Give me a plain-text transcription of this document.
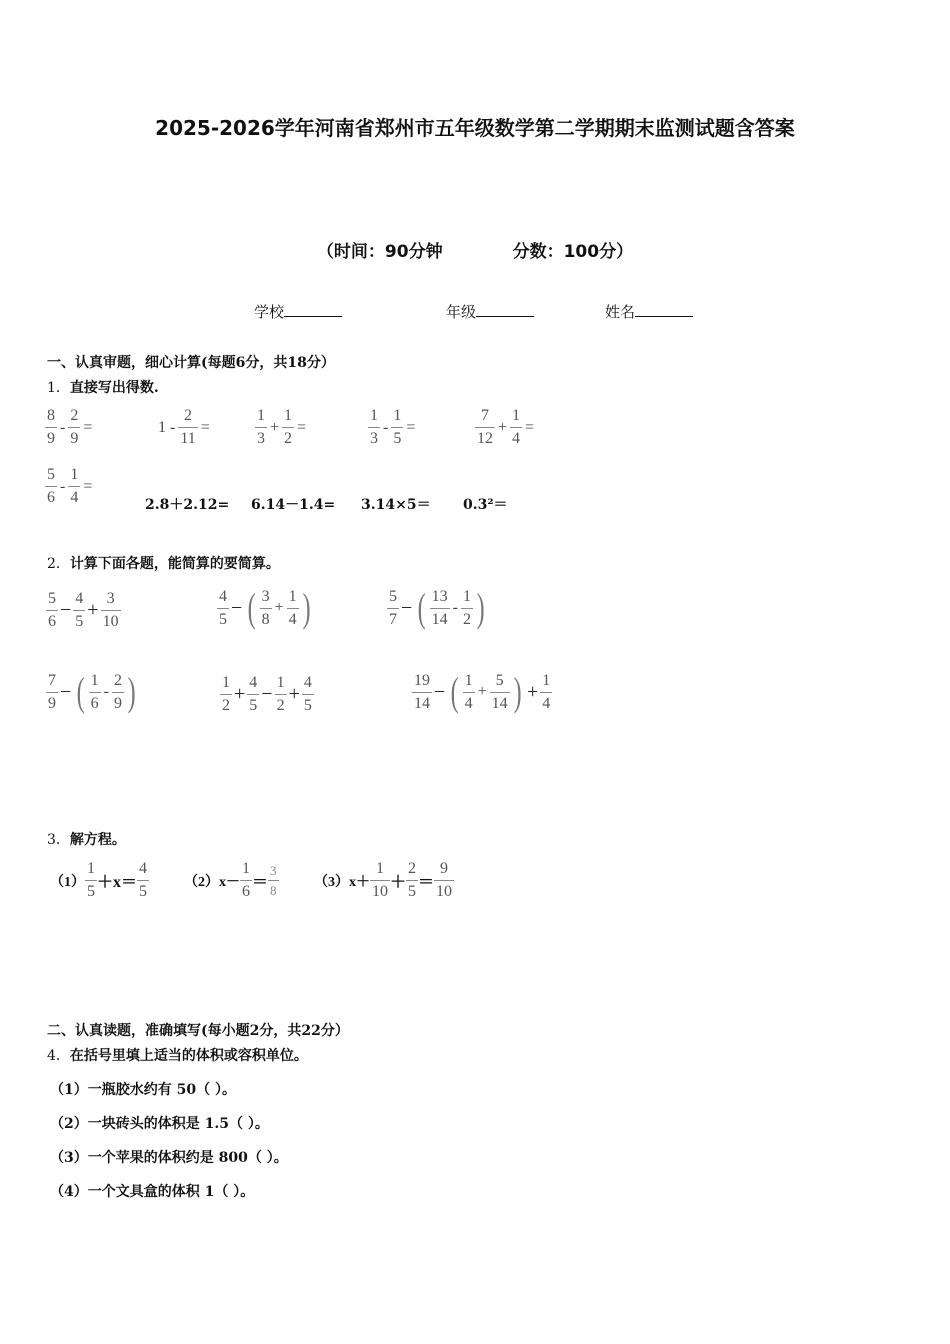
2025-2026学年河南省郑州市五年级数学第二学期期末监测试题含答案
（时间：90分钟	分数：100分）
学校	年级	姓名
一、认真审题，细心计算(每题6分，共18分）
1．直接写出得数.
$\frac{8}{9} - \frac{2}{9}$ =	$1 - \frac{2}{11}$ =	$\frac{1}{3} + \frac{1}{2}$ =	$\frac{1}{3} - \frac{1}{5}$ =	$\frac{7}{12} + \frac{1}{4}$ =
$\frac{5}{6} - \frac{1}{4}$ =
2.8＋2.12= 6.14－1.4= 3.14×5＝ 0.3²＝
2．计算下面各题，能简算的要简算。
$\frac{5}{6} - \frac{4}{5} + \frac{3}{10}$	$\frac{4}{5}$ − ( $\frac{3}{8} + \frac{1}{4}$ )	$\frac{5}{7}$ − ( $\frac{13}{14} - \frac{1}{2}$ )
$\frac{7}{9}$ − ( $\frac{1}{6} - \frac{2}{9}$ )	$\frac{1}{2} + \frac{4}{5} - \frac{1}{2} + \frac{4}{5}$	$\frac{19}{14}$ − ( $\frac{1}{4} + \frac{5}{14}$ ) + $\frac{1}{4}$
3．解方程。
$(1) \frac{1}{5} +x= \frac{4}{5} (2)x- \frac{1}{6} = \frac{3}{8}$	$(3)x+ \frac{1}{10} + \frac{2}{5} = \frac{9}{10}$
二、认真读题，准确填写(每小题2分，共22分）
4．在括号里填上适当的体积或容积单位。
（1）一瓶胶水约有 50（ ）。
（2）一块砖头的体积是 1.5（ ）。
（3）一个苹果的体积约是 800（ ）。
（4）一个文具盒的体积 1（ ）。
